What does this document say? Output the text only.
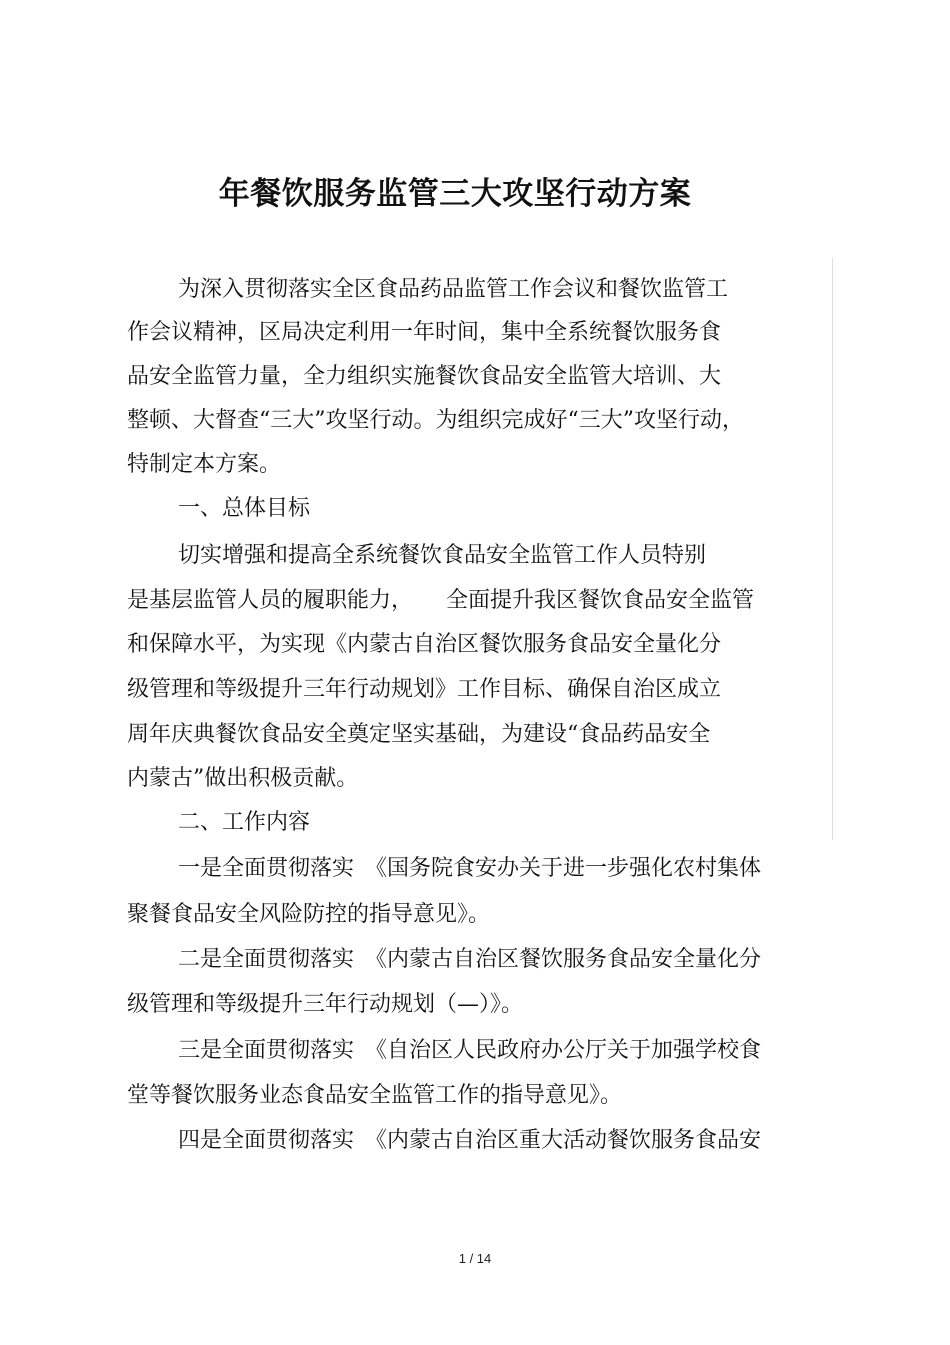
年餐饮服务监管三大攻坚行动方案
为深入贯彻落实全区食品药品监管工作会议和餐饮监管工
作会议精神，区局决定利用一年时间，集中全系统餐饮服务食
品安全监管力量，全力组织实施餐饮食品安全监管大培训、大
整顿、大督查“三大”攻坚行动。为组织完成好“三大”攻坚行动，
特制定本方案。
一、总体目标
切实增强和提高全系统餐饮食品安全监管工作人员特别
是基层监管人员的履职能力，　　全面提升我区餐饮食品安全监管
和保障水平，为实现《内蒙古自治区餐饮服务食品安全量化分
级管理和等级提升三年行动规划》工作目标、确保自治区成立
周年庆典餐饮食品安全奠定坚实基础，为建设“食品药品安全
内蒙古”做出积极贡献。
二、工作内容
一是全面贯彻落实　《国务院食安办关于进一步强化农村集体
聚餐食品安全风险防控的指导意见》。
二是全面贯彻落实　《内蒙古自治区餐饮服务食品安全量化分
级管理和等级提升三年行动规划（—）》。
三是全面贯彻落实　《自治区人民政府办公厅关于加强学校食
堂等餐饮服务业态食品安全监管工作的指导意见》。
四是全面贯彻落实　《内蒙古自治区重大活动餐饮服务食品安
1 / 14
